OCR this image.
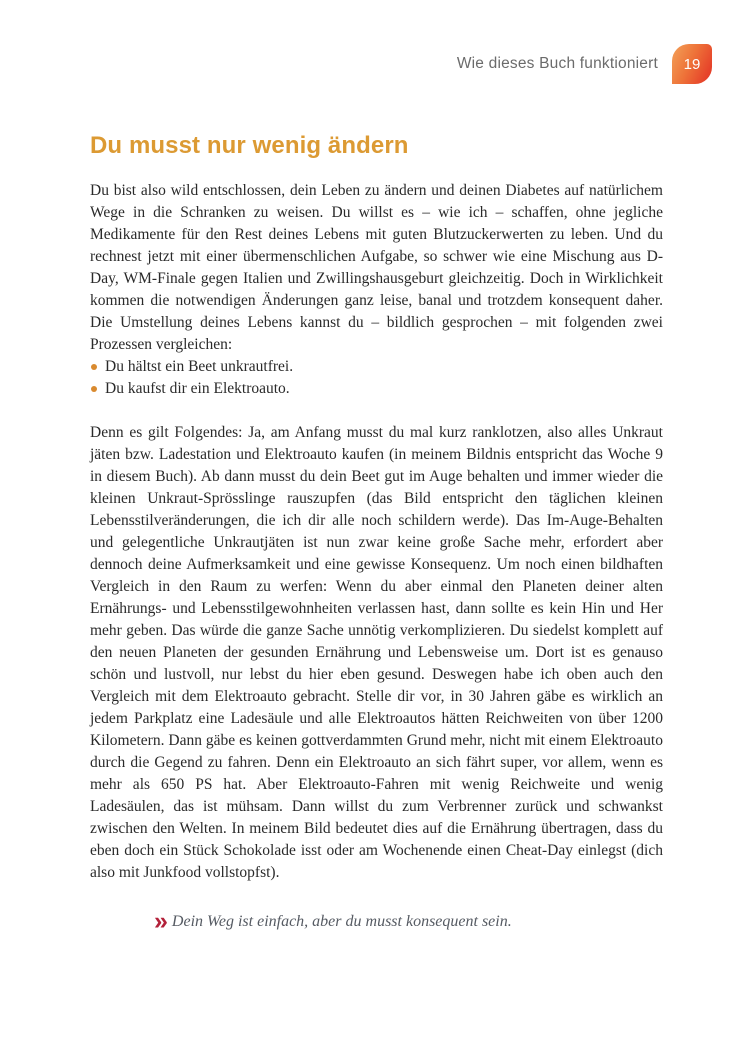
Wie dieses Buch funktioniert	19
Du musst nur wenig ändern

Du bist also wild entschlossen, dein Leben zu ändern und deinen Diabetes auf natürlichem Wege in die Schranken zu weisen. Du willst es – wie ich – schaffen, ohne jegliche Medikamente für den Rest deines Lebens mit guten Blutzuckerwerten zu leben. Und du rechnest jetzt mit einer übermenschlichen Aufgabe, so schwer wie eine Mischung aus D-Day, WM-Finale gegen Italien und Zwillingshausgeburt gleichzeitig. Doch in Wirklichkeit kommen die notwendigen Änderungen ganz leise, banal und trotzdem konsequent daher. Die Umstellung deines Lebens kannst du – bildlich gesprochen – mit folgenden zwei Prozessen vergleichen:

Du hältst ein Beet unkrautfrei.
Du kaufst dir ein Elektroauto.

Denn es gilt Folgendes: Ja, am Anfang musst du mal kurz ranklotzen, also alles Unkraut jäten bzw. Ladestation und Elektroauto kaufen (in meinem Bildnis entspricht das Woche 9 in diesem Buch). Ab dann musst du dein Beet gut im Auge behalten und immer wieder die kleinen Unkraut-Sprösslinge rauszupfen (das Bild entspricht den täglichen kleinen Lebensstilveränderungen, die ich dir alle noch schildern werde). Das Im-Auge-Behalten und gelegentliche Unkrautjäten ist nun zwar keine große Sache mehr, erfordert aber dennoch deine Aufmerksamkeit und eine gewisse Konsequenz. Um noch einen bildhaften Vergleich in den Raum zu werfen: Wenn du aber einmal den Planeten deiner alten Ernährungs- und Lebensstilgewohnheiten verlassen hast, dann sollte es kein Hin und Her mehr geben. Das würde die ganze Sache unnötig verkomplizieren. Du siedelst komplett auf den neuen Planeten der gesunden Ernährung und Lebensweise um. Dort ist es genauso schön und lustvoll, nur lebst du hier eben gesund. Deswegen habe ich oben auch den Vergleich mit dem Elektroauto gebracht. Stelle dir vor, in 30 Jahren gäbe es wirklich an jedem Parkplatz eine Ladesäule und alle Elektroautos hätten Reichweiten von über 1200 Kilometern. Dann gäbe es keinen gottverdammten Grund mehr, nicht mit einem Elektroauto durch die Gegend zu fahren. Denn ein Elektroauto an sich fährt super, vor allem, wenn es mehr als 650 PS hat. Aber Elektroauto-Fahren mit wenig Reichweite und wenig Ladesäulen, das ist mühsam. Dann willst du zum Verbrenner zurück und schwankst zwischen den Welten. In meinem Bild bedeutet dies auf die Ernährung übertragen, dass du eben doch ein Stück Schokolade isst oder am Wochenende einen Cheat-Day einlegst (dich also mit Junkfood vollstopfst).

» Dein Weg ist einfach, aber du musst konsequent sein.
